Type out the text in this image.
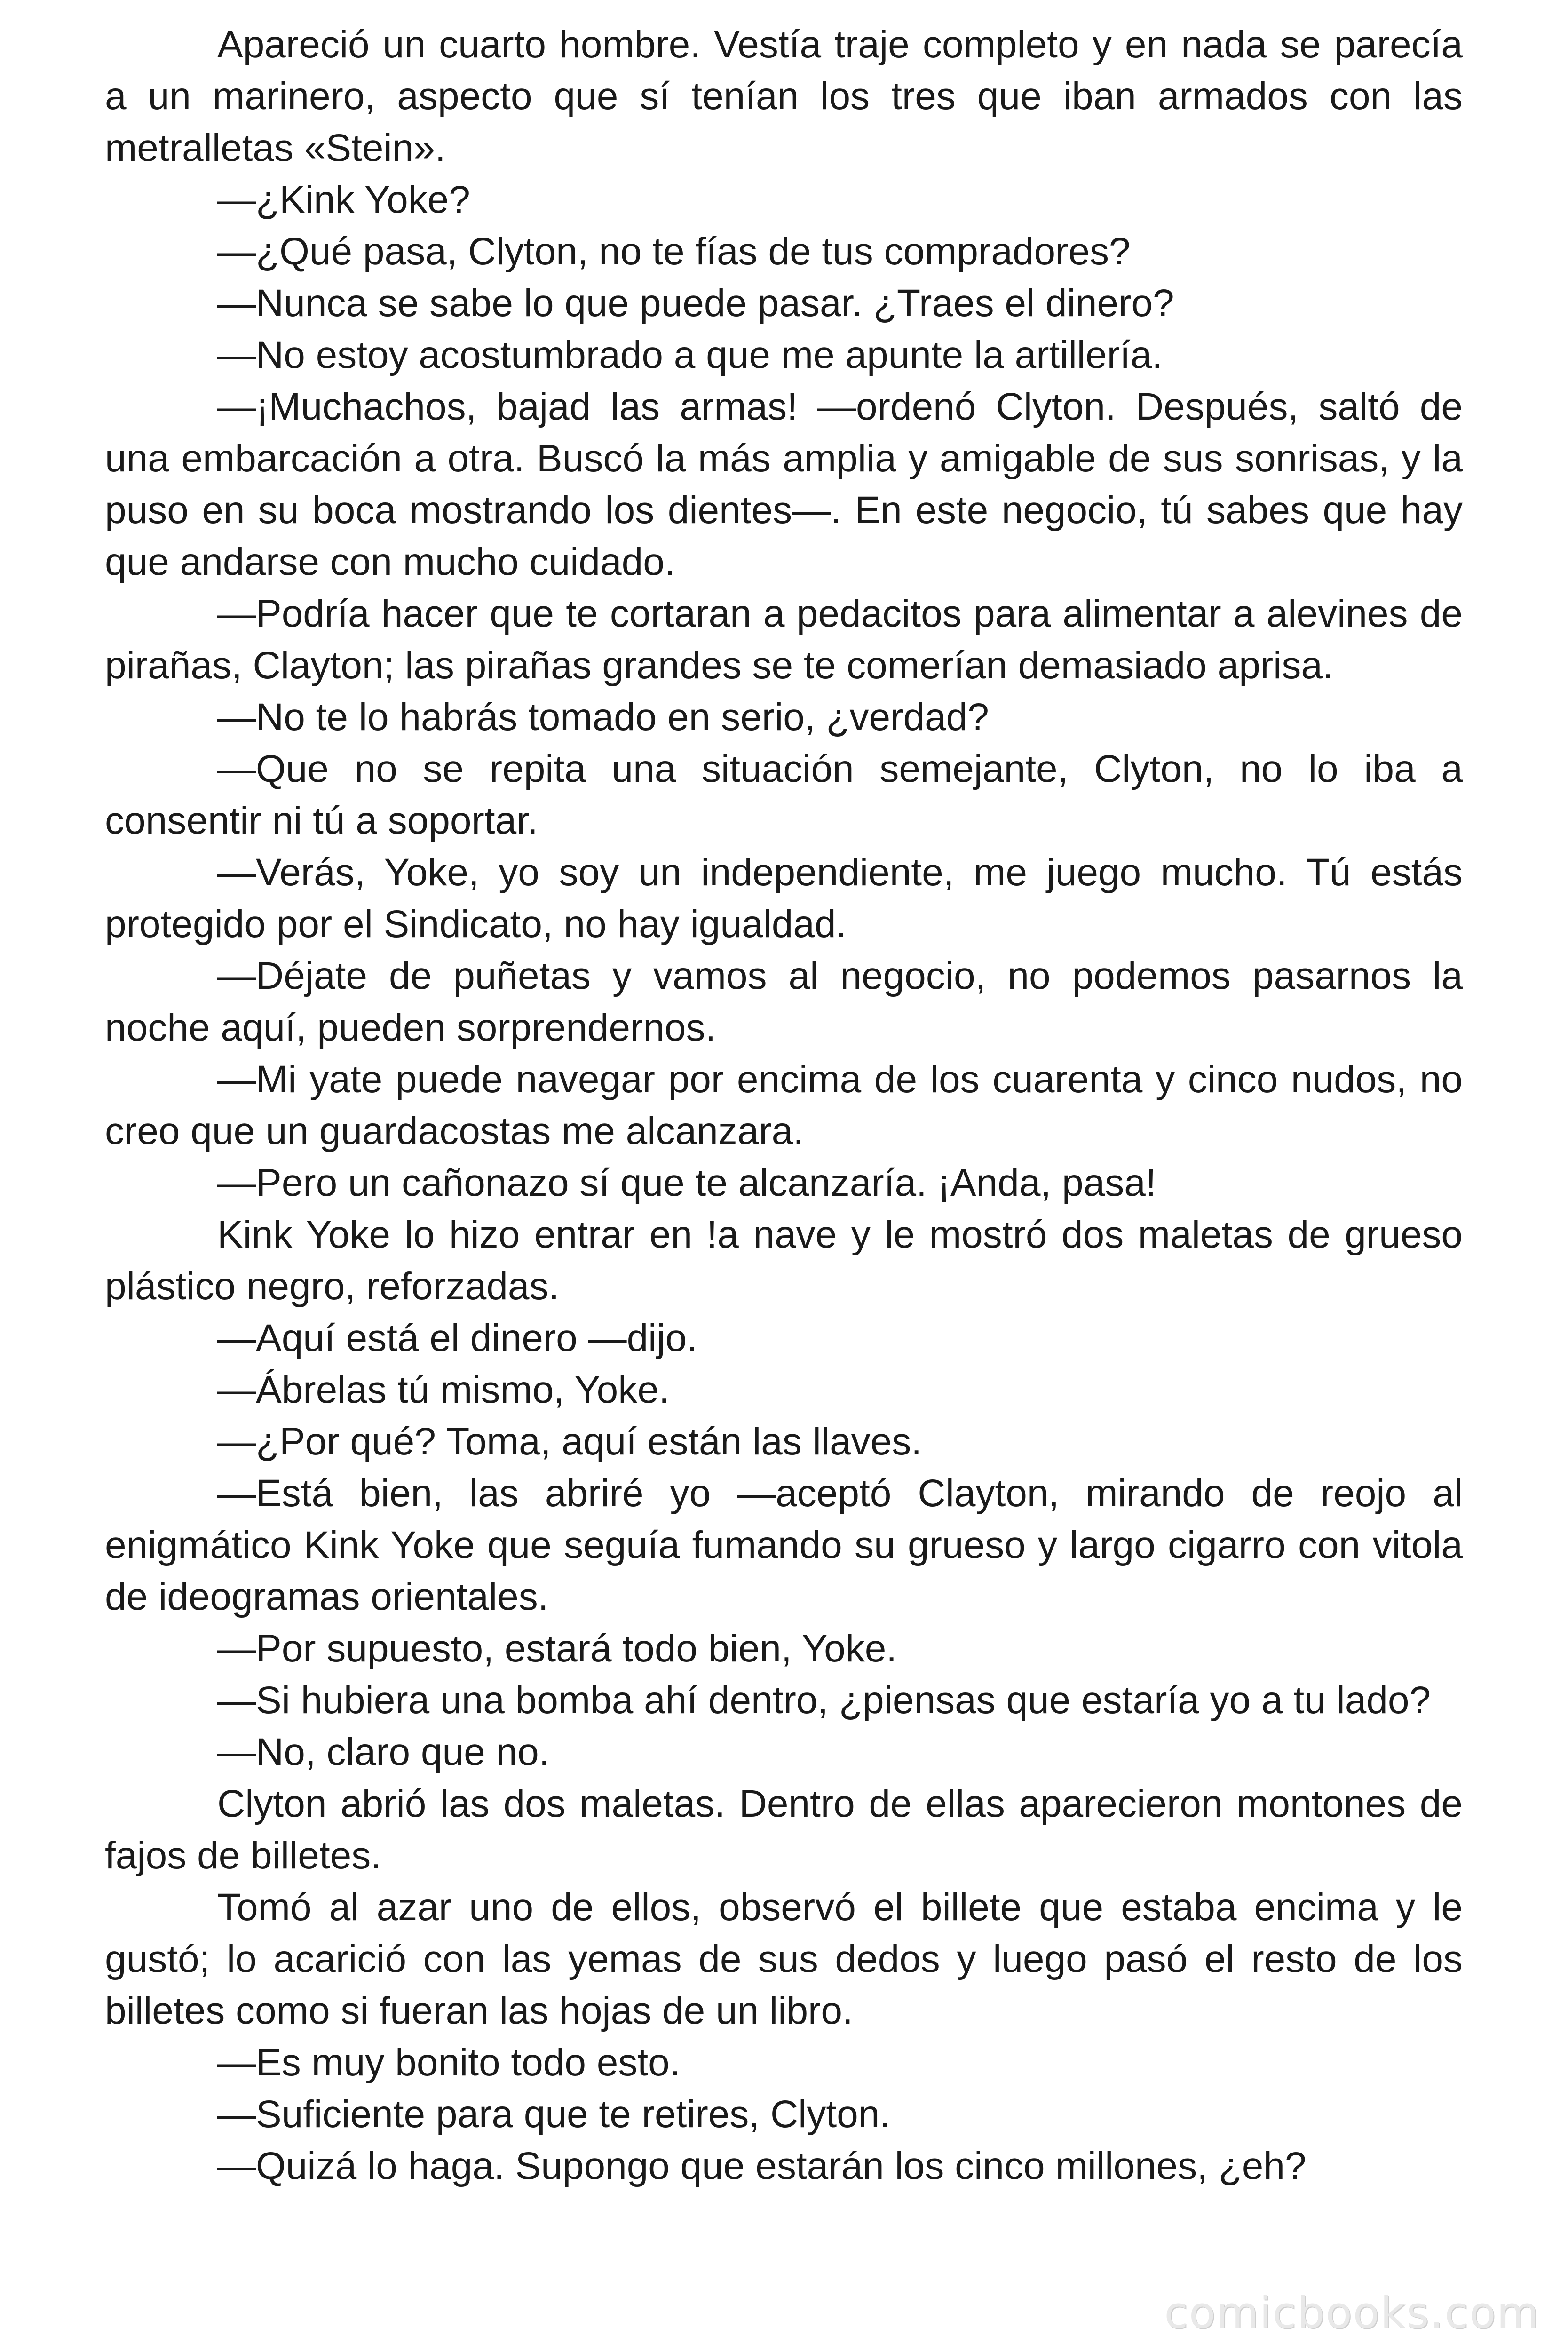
Apareció un cuarto hombre. Vestía traje completo y en nada se parecía a un marinero, aspecto que sí tenían los tres que iban armados con las metralletas «Stein».

—¿Kink Yoke?

—¿Qué pasa, Clyton, no te fías de tus compradores?

—Nunca se sabe lo que puede pasar. ¿Traes el dinero?

—No estoy acostumbrado a que me apunte la artillería.

—¡Muchachos, bajad las armas! —ordenó Clyton. Después, saltó de una embarcación a otra. Buscó la más amplia y amigable de sus sonrisas, y la puso en su boca mostrando los dientes—. En este negocio, tú sabes que hay que andarse con mucho cuidado.

—Podría hacer que te cortaran a pedacitos para alimentar a alevines de pirañas, Clayton; las pirañas grandes se te comerían demasiado aprisa.

—No te lo habrás tomado en serio, ¿verdad?

—Que no se repita una situación semejante, Clyton, no lo iba a consentir ni tú a soportar.

—Verás, Yoke, yo soy un independiente, me juego mucho. Tú estás protegido por el Sindicato, no hay igualdad.

—Déjate de puñetas y vamos al negocio, no podemos pasarnos la noche aquí, pueden sorprendernos.

—Mi yate puede navegar por encima de los cuarenta y cinco nudos, no creo que un guardacostas me alcanzara.

—Pero un cañonazo sí que te alcanzaría. ¡Anda, pasa!

Kink Yoke lo hizo entrar en !a nave y le mostró dos maletas de grueso plástico negro, reforzadas.

—Aquí está el dinero —dijo.

—Ábrelas tú mismo, Yoke.

—¿Por qué? Toma, aquí están las llaves.

—Está bien, las abriré yo —aceptó Clayton, mirando de reojo al enigmático Kink Yoke que seguía fumando su grueso y largo cigarro con vitola de ideogramas orientales.

—Por supuesto, estará todo bien, Yoke.

—Si hubiera una bomba ahí dentro, ¿piensas que estaría yo a tu lado?

—No, claro que no.

Clyton abrió las dos maletas. Dentro de ellas aparecieron montones de fajos de billetes.

Tomó al azar uno de ellos, observó el billete que estaba encima y le gustó; lo acarició con las yemas de sus dedos y luego pasó el resto de los billetes como si fueran las hojas de un libro.

—Es muy bonito todo esto.

—Suficiente para que te retires, Clyton.

—Quizá lo haga. Supongo que estarán los cinco millones, ¿eh?

comicbooks.com
